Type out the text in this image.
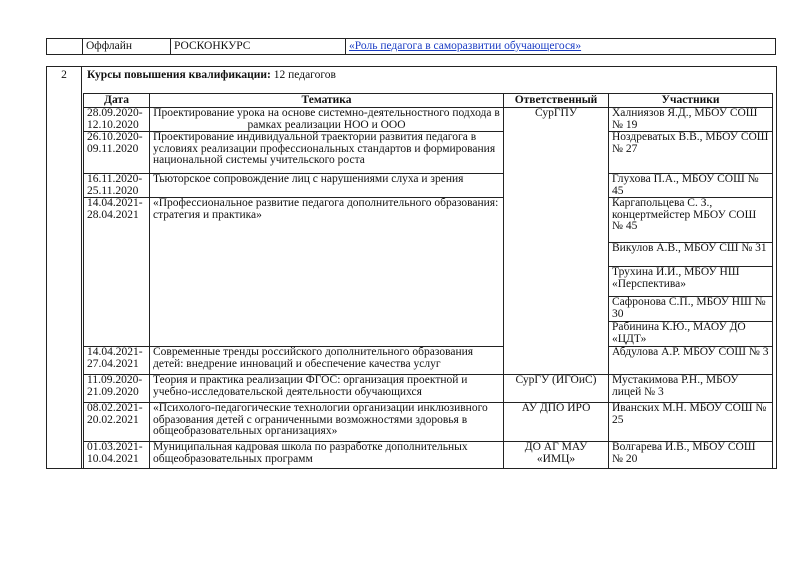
	Оффлайн	РОСКОНКУРС	«Роль педагога в саморазвитии обучающегося»
2	Курсы повышения квалификации: 12 педагогов
Дата	Тематика	Ответственный	Участники
28.09.2020- 12.10.2020	Проектирование урока на основе системно-деятельностного подхода в рамках реализации НОО и ООО	СурГПУ	Халниязов Я.Д., МБОУ СОШ № 19
26.10.2020- 09.11.2020	Проектирование индивидуальной траектории развития педагога в условиях реализации профессиональных стандартов и формирования национальной системы учительского роста		Ноздреватых В.В., МБОУ СОШ № 27
16.11.2020- 25.11.2020	Тьюторское сопровождение лиц с нарушениями слуха и зрения		Глухова П.А., МБОУ СОШ № 45
14.04.2021- 28.04.2021	«Профессиональное развитие педагога дополнительного образования: стратегия и практика»		Каргапольцева С. З., концертмейстер МБОУ СОШ № 45
			Викулов А.В., МБОУ СШ № 31
			Трухина И.И., МБОУ НШ «Перспектива»
			Сафронова С.П., МБОУ НШ № 30
			Рабинина К.Ю., МАОУ ДО «ЦДТ»
14.04.2021- 27.04.2021	Современные тренды российского дополнительного образования детей: внедрение инноваций и обеспечение качества услуг		Абдулова А.Р. МБОУ СОШ № 3
11.09.2020- 21.09.2020	Теория и практика реализации ФГОС: организация проектной и учебно-исследовательской деятельности обучающихся	СурГУ (ИГОиС)	Мустакимова Р.Н., МБОУ лицей № 3
08.02.2021- 20.02.2021	«Психолого-педагогические технологии организации инклюзивного образования детей с ограниченными возможностями здоровья в общеобразовательных организациях»	АУ ДПО ИРО	Иванских М.Н. МБОУ СОШ № 25
01.03.2021- 10.04.2021	Муниципальная кадровая школа по разработке дополнительных общеобразовательных программ	ДО АГ МАУ «ИМЦ»	Волгарева И.В., МБОУ СОШ № 20
